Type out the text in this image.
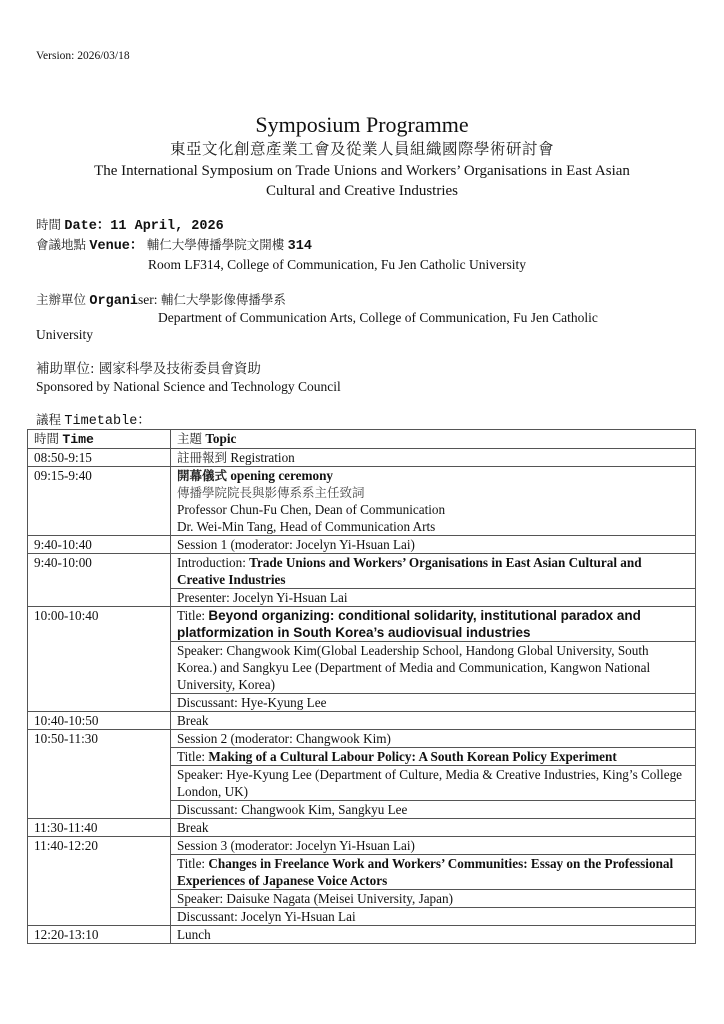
Version: 2026/03/18
Symposium Programme
東亞文化創意產業工會及從業人員組織國際學術研討會
The International Symposium on Trade Unions and Workers’ Organisations in East Asian
Cultural and Creative Industries
時間 Date：11 April, 2026
會議地點 Venue： 輔仁大學傳播學院文開樓 314
Room LF314, College of Communication, Fu Jen Catholic University
主辦單位 Organiser: 輔仁大學影像傳播學系
Department of Communication Arts, College of Communication, Fu Jen Catholic
University
補助單位: 國家科學及技術委員會資助
Sponsored by National Science and Technology Council
議程 Timetable：
時間 Time	主題 Topic
08:50-9:15	註冊報到 Registration
09:15-9:40	開幕儀式 opening ceremony
傳播學院院長與影傳系系主任致詞
Professor Chun-Fu Chen, Dean of Communication
Dr. Wei-Min Tang, Head of Communication Arts

9:40-10:40	Session 1 (moderator: Jocelyn Yi-Hsuan Lai)
9:40-10:00	Introduction: Trade Unions and Workers’ Organisations in East Asian Cultural and Creative Industries
	Presenter: Jocelyn Yi-Hsuan Lai
10:00-10:40	Title: Beyond organizing: conditional solidarity, institutional paradox and platformization in South Korea’s audiovisual industries
	Speaker: Changwook Kim(Global Leadership School, Handong Global University, South Korea.) and Sangkyu Lee (Department of Media and Communication, Kangwon National University, Korea)
	Discussant: Hye-Kyung Lee
10:40-10:50	Break
10:50-11:30	Session 2 (moderator: Changwook Kim)
	Title: Making of a Cultural Labour Policy: A South Korean Policy Experiment
	Speaker: Hye-Kyung Lee (Department of Culture, Media & Creative Industries, King’s College London, UK)
	Discussant: Changwook Kim, Sangkyu Lee
11:30-11:40	Break
11:40-12:20	Session 3 (moderator: Jocelyn Yi-Hsuan Lai)
	Title: Changes in Freelance Work and Workers’ Communities: Essay on the Professional Experiences of Japanese Voice Actors
	Speaker: Daisuke Nagata (Meisei University, Japan)
	Discussant: Jocelyn Yi-Hsuan Lai
12:20-13:10	Lunch
